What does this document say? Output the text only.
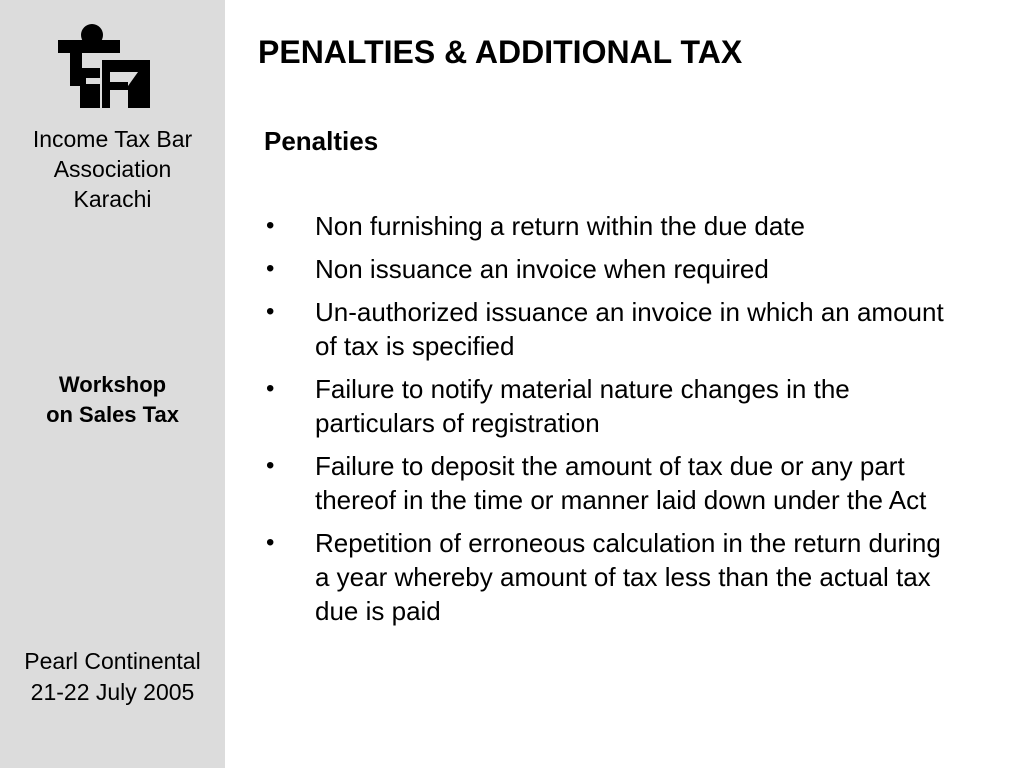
Income Tax Bar
Association
Karachi
Workshop
on Sales Tax
Pearl Continental
21-22 July 2005
PENALTIES & ADDITIONAL TAX
Penalties
• Non furnishing a return within the due date
• Non issuance an invoice when required
• Un-authorized issuance an invoice in which an amount of tax is specified
• Failure to notify material nature changes in the particulars of registration
• Failure to deposit the amount of tax due or any part thereof in the time or manner laid down under the Act
• Repetition of erroneous calculation in the return during a year whereby amount of tax less than the actual tax due is paid
